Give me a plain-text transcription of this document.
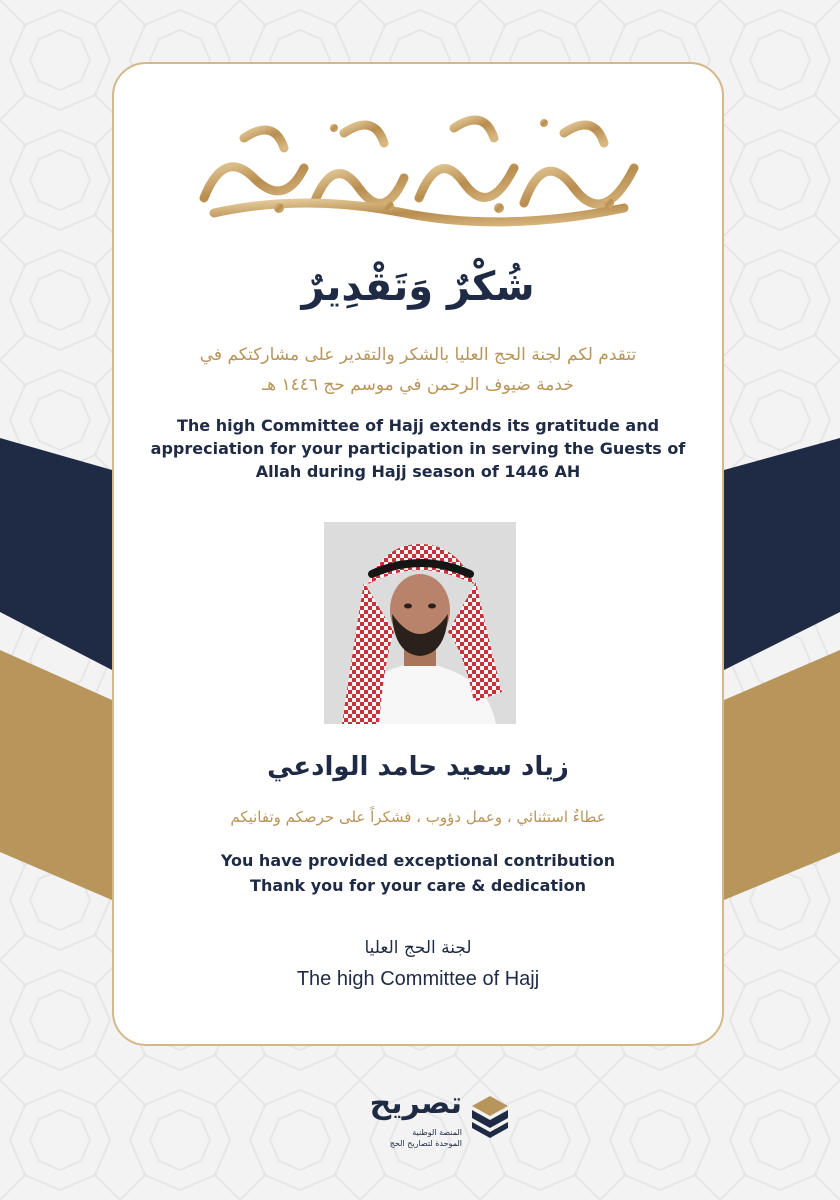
شُكْرٌ وَتَقْدِيرٌ
تتقدم لكم لجنة الحج العليا بالشكر والتقدير على مشاركتكم في
خدمة ضيوف الرحمن في موسم حج ١٤٤٦ هـ
The high Committee of Hajj extends its gratitude and
appreciation for your participation in serving the Guests of
Allah during Hajj season of 1446 AH
زياد سعيد حامد الوادعي
عطاءٌ استثنائي ، وعمل دؤوب ، فشكراً على حرصكم وتفانيكم
You have provided exceptional contribution
Thank you for your care & dedication
لجنة الحج العليا
The high Committee of Hajj
تصريح
المنصة الوطنية
الموحدة لتصاريح الحج
